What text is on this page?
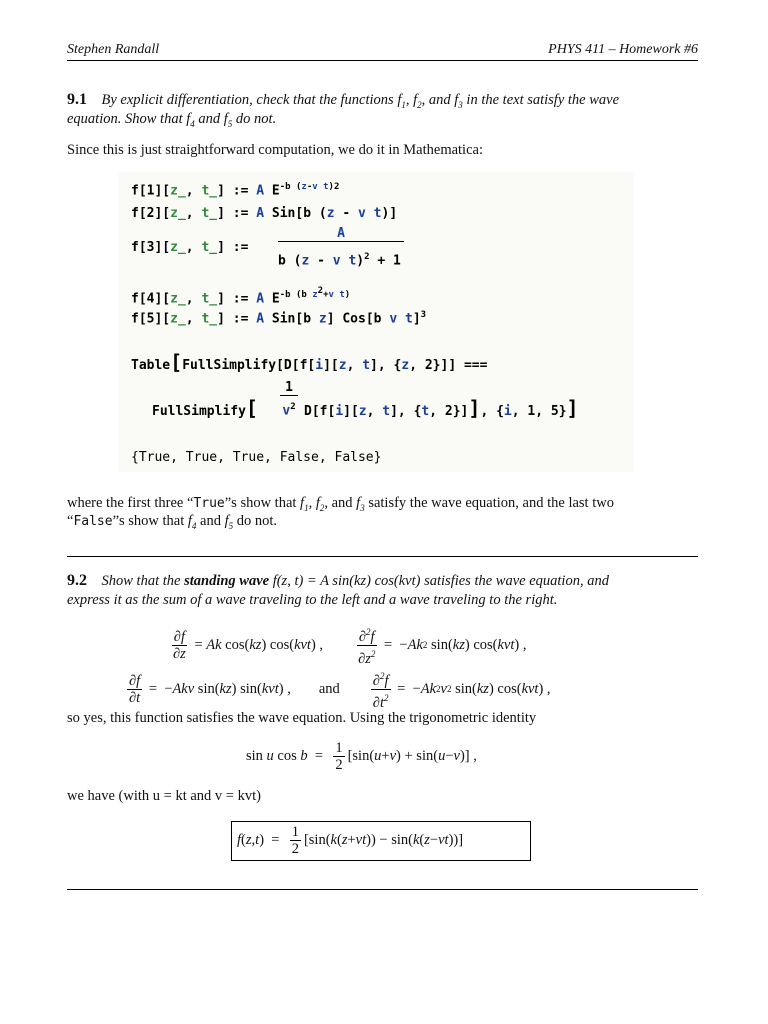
Stephen Randall	PHYS 411 – Homework #6
9.1 By explicit differentiation, check that the functions $f_1$, $f_2$, and $f_3$ in the text satisfy the wave
equation. Show that $f_4$ and $f_5$ do not.
Since this is just straightforward computation, we do it in Mathematica:
f[1][z_, t_] := A $E^{-b (z-v t)2}$
f[2][z_, t_] := A Sin[b (z - v t)]
f[3][z_, t_] :=
A
b (z - v t)$^2$ + 1
f[4][z_, t_] := A $E^{-b (b z^2+v t)}$
f[5][z_, t_] := A Sin[b z] Cos[b v t]$^3$
Table[FullSimplify[D[f[i][z, t], {z, 2}]] ===
FullSimplify[
1
$v^2$ D[f[i][z, t], {t, 2}]], {i, 1, 5}]
{True, True, True, False, False}
where the first three “True”s show that $f_1$, $f_2$, and $f_3$ satisfy the wave equation, and the last two
“False”s show that $f_4$ and $f_5$ do not.
9.2 Show that the standing wave f(z, t) = A sin(kz) cos(kvt) satisfies the wave equation, and
express it as the sum of a wave traveling to the left and a wave traveling to the right.
$\frac{\partial f}{\partial z} = Ak$ cos( kz ) cos( kvt ) , $\frac{\partial^2f}{\partial z^2}$ =  − Ak 2 sin( kz ) cos( kvt ) ,
$\frac{\partial f}{\partial t}$ =  − Akv sin( kz ) sin( kvt ) , and $\frac{\partial^2f}{\partial t^2}$ =  − Ak 2 v 2 sin( kz ) cos( kvt ) ,
so yes, this function satisfies the wave equation. Using the trigonometric identity
sin u $\cos b = \frac{1}{2} [\sin$( u + v ) + sin( u − v )] ,
we have (with u = kt and v = kvt)
f ( z , t )  = $\frac{1}{2} [\sin$( k ( z + vt )) − sin( k ( z − vt ))]
